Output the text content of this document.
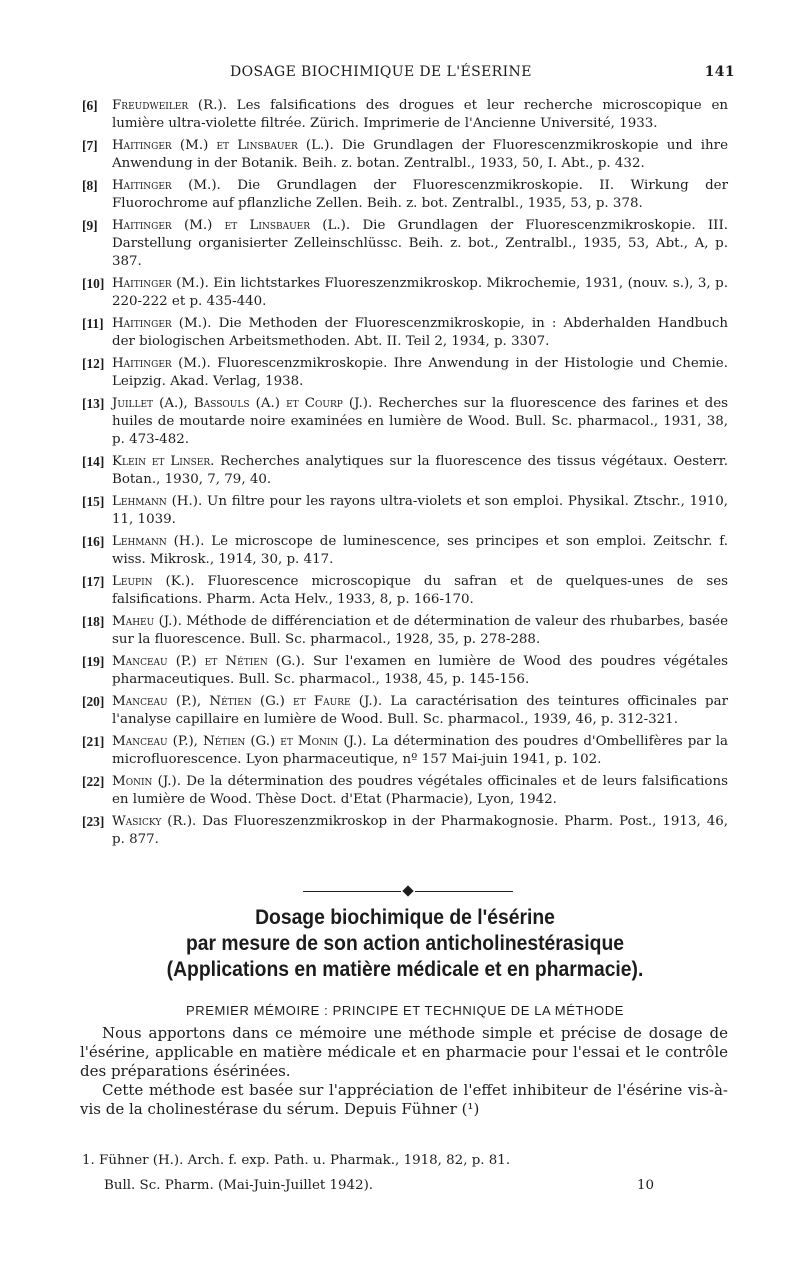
DOSAGE BIOCHIMIQUE DE L'ÉSERINE	141
[6] Freudweiler (R.). Les falsifications des drogues et leur recherche microscopique en lumière ultra-violette filtrée. Zürich. Imprimerie de l'Ancienne Université, 1933.
[7] Haitinger (M.) et Linsbauer (L.). Die Grundlagen der Fluorescenzmikroskopie und ihre Anwendung in der Botanik. Beih. z. botan. Zentralbl., 1933, 50, I. Abt., p. 432.
[8] Haitinger (M.). Die Grundlagen der Fluorescenzmikroskopie. II. Wirkung der Fluorochrome auf pflanzliche Zellen. Beih. z. bot. Zentralbl., 1935, 53, p. 378.
[9] Haitinger (M.) et Linsbauer (L.). Die Grundlagen der Fluorescenzmikroskopie. III. Darstellung organisierter Zelleinschlüssc. Beih. z. bot., Zentralbl., 1935, 53, Abt., A, p. 387.
[10] Haitinger (M.). Ein lichtstarkes Fluoreszenzmikroskop. Mikrochemie, 1931, (nouv. s.), 3, p. 220-222 et p. 435-440.
[11] Haitinger (M.). Die Methoden der Fluorescenzmikroskopie, in : Abderhalden Handbuch der biologischen Arbeitsmethoden. Abt. II. Teil 2, 1934, p. 3307.
[12] Haitinger (M.). Fluorescenzmikroskopie. Ihre Anwendung in der Histologie und Chemie. Leipzig. Akad. Verlag, 1938.
[13] Juillet (A.), Bassouls (A.) et Courp (J.). Recherches sur la fluorescence des farines et des huiles de moutarde noire examinées en lumière de Wood. Bull. Sc. pharmacol., 1931, 38, p. 473-482.
[14] Klein et Linser. Recherches analytiques sur la fluorescence des tissus végétaux. Oesterr. Botan., 1930, 7, 79, 40.
[15] Lehmann (H.). Un filtre pour les rayons ultra-violets et son emploi. Physikal. Ztschr., 1910, 11, 1039.
[16] Lehmann (H.). Le microscope de luminescence, ses principes et son emploi. Zeitschr. f. wiss. Mikrosk., 1914, 30, p. 417.
[17] Leupin (K.). Fluorescence microscopique du safran et de quelques-unes de ses falsifications. Pharm. Acta Helv., 1933, 8, p. 166-170.
[18] Maheu (J.). Méthode de différenciation et de détermination de valeur des rhubarbes, basée sur la fluorescence. Bull. Sc. pharmacol., 1928, 35, p. 278-288.
[19] Manceau (P.) et Nétien (G.). Sur l'examen en lumière de Wood des poudres végétales pharmaceutiques. Bull. Sc. pharmacol., 1938, 45, p. 145-156.
[20] Manceau (P.), Nétien (G.) et Faure (J.). La caractérisation des teintures officinales par l'analyse capillaire en lumière de Wood. Bull. Sc. pharmacol., 1939, 46, p. 312-321.
[21] Manceau (P.), Nétien (G.) et Monin (J.). La détermination des poudres d'Ombellifères par la microfluorescence. Lyon pharmaceutique, nº 157 Mai-juin 1941, p. 102.
[22] Monin (J.). De la détermination des poudres végétales officinales et de leurs falsifications en lumière de Wood. Thèse Doct. d'Etat (Pharmacie), Lyon, 1942.
[23] Wasicky (R.). Das Fluoreszenzmikroskop in der Pharmakognosie. Pharm. Post., 1913, 46, p. 877.
Dosage biochimique de l'ésérine
par mesure de son action anticholinestérasique
(Applications en matière médicale et en pharmacie).
PREMIER MÉMOIRE : PRINCIPE ET TECHNIQUE DE LA MÉTHODE

Nous apportons dans ce mémoire une méthode simple et précise de dosage de l'ésérine, applicable en matière médicale et en pharmacie pour l'essai et le contrôle des préparations ésérinées.

Cette méthode est basée sur l'appréciation de l'effet inhibiteur de l'ésérine vis-à-vis de la cholinestérase du sérum. Depuis Fühner (¹)

1. Fühner (H.). Arch. f. exp. Path. u. Pharmak., 1918, 82, p. 81.
Bull. Sc. Pharm. (Mai-Juin-Juillet 1942).	10
